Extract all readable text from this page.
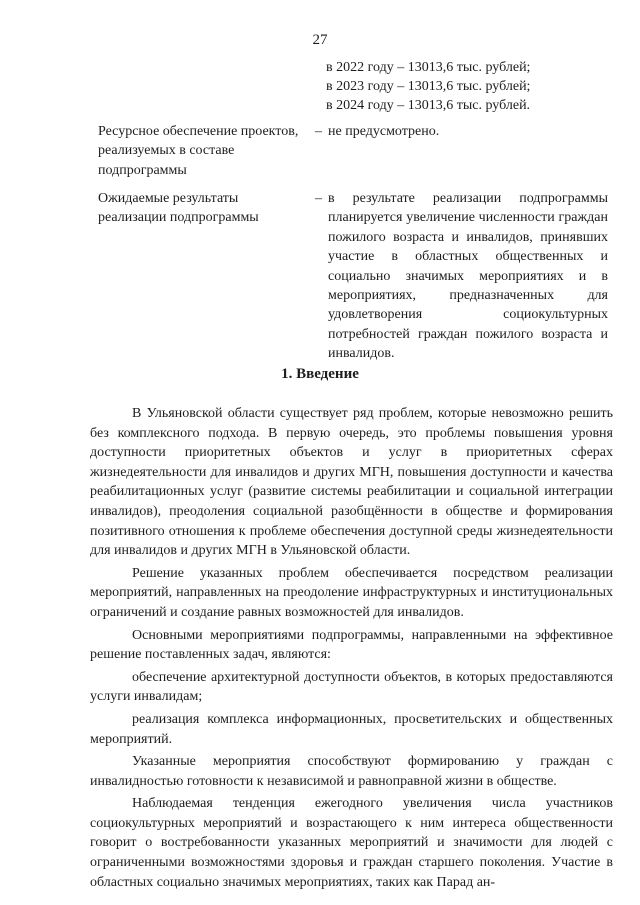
27
в 2022 году – 13013,6 тыс. рублей;
в 2023 году – 13013,6 тыс. рублей;
в 2024 году – 13013,6 тыс. рублей.
Ресурсное обеспечение проектов, реализуемых в составе подпрограммы
– не предусмотрено.
Ожидаемые результаты реализации подпрограммы
– в результате реализации подпрограммы планируется увеличение численности граждан пожилого возраста и инвалидов, принявших участие в областных общественных и социально значимых мероприятиях и в мероприятиях, предназначенных для удовлетворения социокультурных потребностей граждан пожилого возраста и инвалидов.
1. Введение

В Ульяновской области существует ряд проблем, которые невозможно решить без комплексного подхода. В первую очередь, это проблемы повышения уровня доступности приоритетных объектов и услуг в приоритетных сферах жизнедеятельности для инвалидов и других МГН, повышения доступности и качества реабилитационных услуг (развитие системы реабилитации и социальной интеграции инвалидов), преодоления социальной разобщённости в обществе и формирования позитивного отношения к проблеме обеспечения доступной среды жизнедеятельности для инвалидов и других МГН в Ульяновской области.

Решение указанных проблем обеспечивается посредством реализации мероприятий, направленных на преодоление инфраструктурных и институциональных ограничений и создание равных возможностей для инвалидов.

Основными мероприятиями подпрограммы, направленными на эффективное решение поставленных задач, являются:

обеспечение архитектурной доступности объектов, в которых предоставляются услуги инвалидам;

реализация комплекса информационных, просветительских и общественных мероприятий.

Указанные мероприятия способствуют формированию у граждан с инвалидностью готовности к независимой и равноправной жизни в обществе.

Наблюдаемая тенденция ежегодного увеличения числа участников социокультурных мероприятий и возрастающего к ним интереса общественности говорит о востребованности указанных мероприятий и значимости для людей с ограниченными возможностями здоровья и граждан старшего поколения. Участие в областных социально значимых мероприятиях, таких как Парад ан-
